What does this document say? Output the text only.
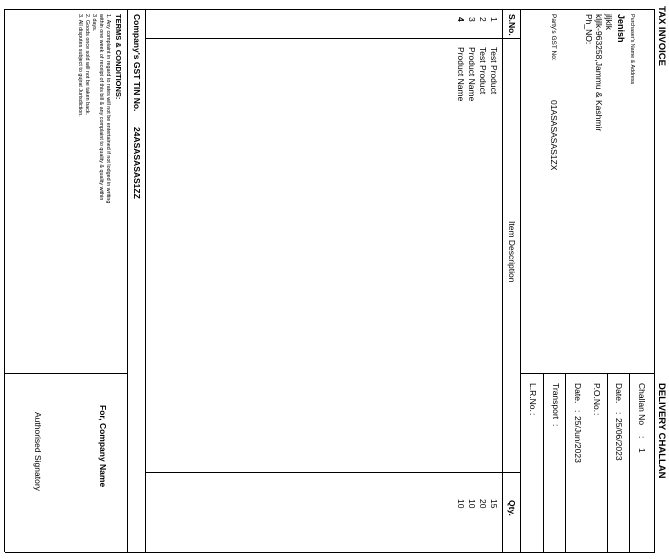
TAX INVOICE
DELIVERY CHALLAN
Purchaser's Name & Address
Jenish
jljklk
kljlk-963258,Jammu & Kashmir
Ph_NO:
Party's GST No:
01ASASASAS1ZX
Challan No
:
1
Date.
:
25/06/2023
P.O.No.
:
Date.
:
25/Jun/2023
Transport
:
L.R.No.
:
S.No.
Item Description
Qty.
1
Test Product
15
2
Test Product
20
3
Product Name
10
4
Product Name
10
Company's GST TIN No.
24ASASASAS1ZZ
TERMS & CONDITIONS:
1. Any complaint in regard to rates will not be entertained if not lodged in writing
within one week of receipt of this bill & any complaint to quality & quality within
3 days.
2. Goods once sold will not be taken back.
3. All disputes subject to gujrat Jurisdiction.
For, Company Name
Authorised Signatory
